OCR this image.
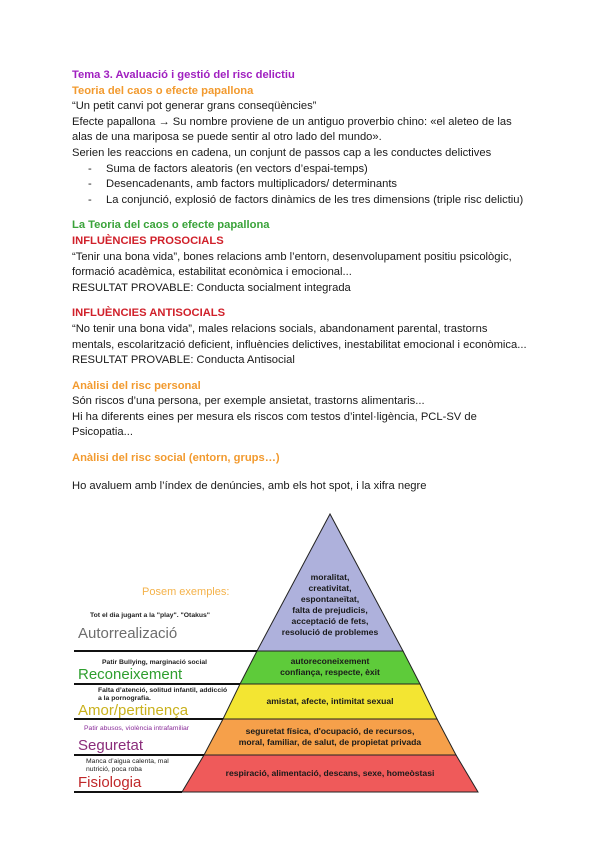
Tema 3. Avaluació i gestió del risc delictiu

Teoria del caos o efecte papallona

“Un petit canvi pot generar grans conseqüències”

Efecte papallona → Su nombre proviene de un antiguo proverbio chino: «el aleteo de las

alas de una mariposa se puede sentir al otro lado del mundo».

Serien les reaccions en cadena, un conjunt de passos cap a les conductes delictives

- Suma de factors aleatoris (en vectors d’espai-temps)
- Desencadenants, amb factors multiplicadors/ determinants
- La conjunció, explosió de factors dinàmics de les tres dimensions (triple risc delictiu)

La Teoria del caos o efecte papallona

INFLUÈNCIES PROSOCIALS

“Tenir una bona vida”, bones relacions amb l’entorn, desenvolupament positiu psicològic,

formació acadèmica, estabilitat econòmica i emocional...

RESULTAT PROVABLE: Conducta socialment integrada

INFLUÈNCIES ANTISOCIALS

“No tenir una bona vida”, males relacions socials, abandonament parental, trastorns

mentals, escolarització deficient, influències delictives, inestabilitat emocional i econòmica...

RESULTAT PROVABLE: Conducta Antisocial

Anàlisi del risc personal

Són riscos d’una persona, per exemple ansietat, trastorns alimentaris...

Hi ha diferents eines per mesura els riscos com testos d’intel·ligència, PCL-SV de

Psicopatia...

Anàlisi del risc social (entorn, grups…)

Ho avaluem amb l’índex de denúncies, amb els hot spot, i la xifra negre

Posem exemples:
Tot el dia jugant a la "play". "Otakus"
Autorrealizació
moralitat,
creativitat,
espontaneïtat,
falta de prejudicis,
acceptació de fets,
resolució de problemes
Patir Bullying, marginació social
Reconeixement
autoreconeixement
confiança, respecte, èxit
Falta d’atenció, solitud infantil, addicció a la pornografia.
Amor/pertinença
amistat, afecte, intimitat sexual
Patir abusos, violència intrafamiliar
Seguretat
seguretat física, d'ocupació, de recursos,
moral, familiar, de salut, de propietat privada
Manca d’aigua calenta, mal nutrició, poca roba
Fisiologia
respiració, alimentació, descans, sexe, homeòstasi
